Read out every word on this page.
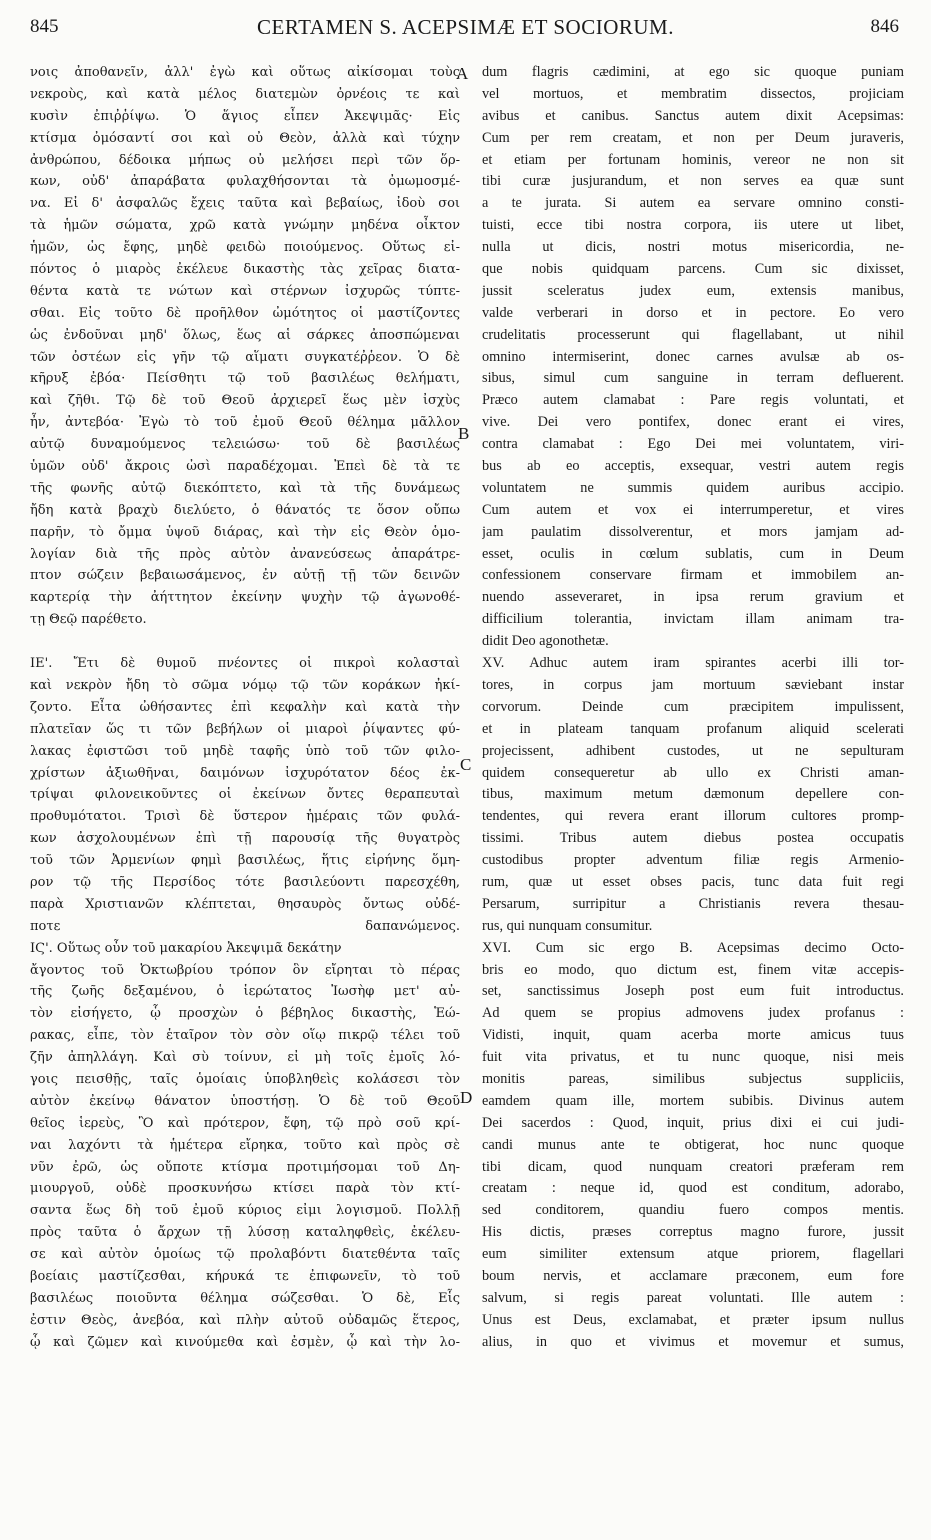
845	CERTAMEN S. ACEPSIMÆ ET SOCIORUM.	846
νοις ἀποθανεῖν, ἀλλ' ἐγὼ καὶ οὕτως αἰκίσομαι τοὺς
νεκροὺς, καὶ κατὰ μέλος διατεμὼν ὀρνέοις τε καὶ
κυσὶν ἐπιῤῥίψω. Ὁ ἅγιος εἶπεν Ἀκεψιμᾶς· Εἰς
κτίσμα ὀμόσαντί σοι καὶ οὐ Θεὸν, ἀλλὰ καὶ τύχην
ἀνθρώπου, δέδοικα μήπως οὐ μελήσει περὶ τῶν ὅρ-
κων, οὐδ' ἀπαράβατα φυλαχθήσονται τὰ ὀμωμοσμέ-
να. Εἰ δ' ἀσφαλῶς ἔχεις ταῦτα καὶ βεβαίως, ἰδοὺ σοι
τὰ ἡμῶν σώματα, χρῶ κατὰ γνώμην μηδένα οἶκτον
ἡμῶν, ὡς ἔφης, μηδὲ φειδὼ ποιούμενος. Οὕτως εἰ-
πόντος ὁ μιαρὸς ἐκέλευε δικαστὴς τὰς χεῖρας διατα-
θέντα κατὰ τε νώτων καὶ στέρνων ἰσχυρῶς τύπτε-
σθαι. Εἰς τοῦτο δὲ προῆλθον ὠμότητος οἱ μαστίζοντες
ὡς ἐνδοῦναι μηδ' ὅλως, ἕως αἱ σάρκες ἀποσπώμεναι
τῶν ὀστέων εἰς γῆν τῷ αἵματι συγκατέῤῥεον. Ὁ δὲ
κῆρυξ ἐβόα· Πείσθητι τῷ τοῦ βασιλέως θελήματι,
καὶ ζῆθι. Τῷ δὲ τοῦ Θεοῦ ἀρχιερεῖ ἕως μὲν ἰσχὺς
ἦν, ἀντεβόα· Ἐγὼ τὸ τοῦ ἐμοῦ Θεοῦ θέλημα μᾶλλον
αὐτῷ δυναμούμενος τελειώσω· τοῦ δὲ βασιλέως
ὑμῶν οὐδ' ἄκροις ὠσὶ παραδέχομαι. Ἐπεὶ δὲ τὰ τε
τῆς φωνῆς αὐτῷ διεκόπτετο, καὶ τὰ τῆς δυνάμεως
ἤδη κατὰ βραχὺ διελύετο, ὁ θάνατός τε ὅσον οὔπω
παρῆν, τὸ ὄμμα ὑψοῦ διάρας, καὶ τὴν εἰς Θεὸν ὁμο-
λογίαν διὰ τῆς πρὸς αὐτὸν ἀνανεύσεως ἀπαράτρε-
πτον σώζειν βεβαιωσάμενος, ἐν αὐτῇ τῇ τῶν δεινῶν
καρτερίᾳ τὴν ἀήττητον ἐκείνην ψυχὴν τῷ ἀγωνοθέ-
τῃ Θεῷ παρέθετο.
ΙΕ'. Ἔτι δὲ θυμοῦ πνέοντες οἱ πικροὶ κολασταὶ
καὶ νεκρὸν ἤδη τὸ σῶμα νόμῳ τῷ τῶν κοράκων ἠκί-
ζοντο. Εἶτα ὠθήσαντες ἐπὶ κεφαλὴν καὶ κατὰ τὴν
πλατεῖαν ὥς τι τῶν βεβήλων οἱ μιαροὶ ῥίψαντες φύ-
λακας ἐφιστῶσι τοῦ μηδὲ ταφῆς ὑπὸ τοῦ τῶν φιλο-
χρίστων ἀξιωθῆναι, δαιμόνων ἰσχυρότατον δέος ἐκ-
τρίψαι φιλονεικοῦντες οἱ ἐκείνων ὄντες θεραπευταὶ
προθυμότατοι. Τρισὶ δὲ ὕστερον ἡμέραις τῶν φυλά-
κων ἀσχολουμένων ἐπὶ τῇ παρουσίᾳ τῆς θυγατρὸς
τοῦ τῶν Ἀρμενίων φημὶ βασιλέως, ἥτις εἰρήνης ὅμη-
ρον τῷ τῆς Περσίδος τότε βασιλεύοντι παρεσχέθη,
παρὰ Χριστιανῶν κλέπτεται, θησαυρὸς ὄντως οὐδέ-
ποτε δαπανώμενος.
ΙϚ'. Οὕτως οὖν τοῦ μακαρίου Ἀκεψιμᾶ δεκάτην
ἄγοντος τοῦ Ὀκτωβρίου τρόπον ὃν εἴρηται τὸ πέρας
τῆς ζωῆς δεξαμένου, ὁ ἱερώτατος Ἰωσὴφ μετ' αὐ-
τὸν εἰσήγετο, ᾧ προσχὼν ὁ βέβηλος δικαστὴς, Ἑώ-
ρακας, εἶπε, τὸν ἑταῖρον τὸν σὸν οἵῳ πικρῷ τέλει τοῦ
ζῆν ἀπηλλάγη. Καὶ σὺ τοίνυν, εἰ μὴ τοῖς ἐμοῖς λό-
γοις πεισθῇς, ταῖς ὁμοίαις ὑποβληθεὶς κολάσεσι τὸν
αὐτὸν ἐκείνῳ θάνατον ὑποστήσῃ. Ὁ δὲ τοῦ Θεοῦ
θεῖος ἱερεὺς, Ὃ καὶ πρότερον, ἔφη, τῷ πρὸ σοῦ κρί-
ναι λαχόντι τὰ ἡμέτερα εἴρηκα, τοῦτο καὶ πρὸς σὲ
νῦν ἐρῶ, ὡς οὔποτε κτίσμα προτιμήσομαι τοῦ Δη-
μιουργοῦ, οὐδὲ προσκυνήσω κτίσει παρὰ τὸν κτί-
σαντα ἕως δὴ τοῦ ἐμοῦ κύριος εἰμι λογισμοῦ. Πολλῇ
πρὸς ταῦτα ὁ ἄρχων τῇ λύσσῃ καταληφθεὶς, ἐκέλευ-
σε καὶ αὐτὸν ὁμοίως τῷ προλαβόντι διατεθέντα ταῖς
βοείαις μαστίζεσθαι, κήρυκά τε ἐπιφωνεῖν, τὸ τοῦ
βασιλέως ποιοῦντα θέλημα σώζεσθαι. Ὁ δὲ, Εἷς
ἐστιν Θεὸς, ἀνεβόα, καὶ πλὴν αὐτοῦ οὐδαμῶς ἕτερος,
ᾧ καὶ ζῶμεν καὶ κινούμεθα καὶ ἐσμὲν, ᾧ καὶ τὴν λο-
dum flagris cædimini, at ego sic quoque puniam
vel mortuos, et membratim dissectos, projiciam
avibus et canibus. Sanctus autem dixit Acepsimas:
Cum per rem creatam, et non per Deum juraveris,
et etiam per fortunam hominis, vereor ne non sit
tibi curæ jusjurandum, et non serves ea quæ sunt
a te jurata. Si autem ea servare omnino consti-
tuisti, ecce tibi nostra corpora, iis utere ut libet,
nulla ut dicis, nostri motus misericordia, ne-
que nobis quidquam parcens. Cum sic dixisset,
jussit sceleratus judex eum, extensis manibus,
valde verberari in dorso et in pectore. Eo vero
crudelitatis processerunt qui flagellabant, ut nihil
omnino intermiserint, donec carnes avulsæ ab os-
sibus, simul cum sanguine in terram defluerent.
Præco autem clamabat : Pare regis voluntati, et
vive. Dei vero pontifex, donec erant ei vires,
contra clamabat : Ego Dei mei voluntatem, viri-
bus ab eo acceptis, exsequar, vestri autem regis
voluntatem ne summis quidem auribus accipio.
Cum autem et vox ei interrumperetur, et vires
jam paulatim dissolverentur, et mors jamjam ad-
esset, oculis in cœlum sublatis, cum in Deum
confessionem conservare firmam et immobilem an-
nuendo asseveraret, in ipsa rerum gravium et
difficilium tolerantia, invictam illam animam tra-
didit Deo agonothetæ.
XV. Adhuc autem iram spirantes acerbi illi tor-
tores, in corpus jam mortuum sæviebant instar
corvorum. Deinde cum præcipitem impulissent,
et in plateam tanquam profanum aliquid scelerati
projecissent, adhibent custodes, ut ne sepulturam
quidem consequeretur ab ullo ex Christi aman-
tibus, maximum metum dæmonum depellere con-
tendentes, qui revera erant illorum cultores promp-
tissimi. Tribus autem diebus postea occupatis
custodibus propter adventum filiæ regis Armenio-
rum, quæ ut esset obses pacis, tunc data fuit regi
Persarum, surripitur a Christianis revera thesau-
rus, qui nunquam consumitur.
XVI. Cum sic ergo B. Acepsimas decimo Octo-
bris eo modo, quo dictum est, finem vitæ accepis-
set, sanctissimus Joseph post eum fuit introductus.
Ad quem se propius admovens judex profanus :
Vidisti, inquit, quam acerba morte amicus tuus
fuit vita privatus, et tu nunc quoque, nisi meis
monitis pareas, similibus subjectus suppliciis,
eamdem quam ille, mortem subibis. Divinus autem
Dei sacerdos : Quod, inquit, prius dixi ei cui judi-
candi munus ante te obtigerat, hoc nunc quoque
tibi dicam, quod nunquam creatori præferam rem
creatam : neque id, quod est conditum, adorabo,
sed conditorem, quandiu fuero compos mentis.
His dictis, præses correptus magno furore, jussit
eum similiter extensum atque priorem, flagellari
boum nervis, et acclamare præconem, eum fore
salvum, si regis pareat voluntati. Ille autem :
Unus est Deus, exclamabat, et præter ipsum nullus
alius, in quo et vivimus et movemur et sumus,
A
B
C
D
